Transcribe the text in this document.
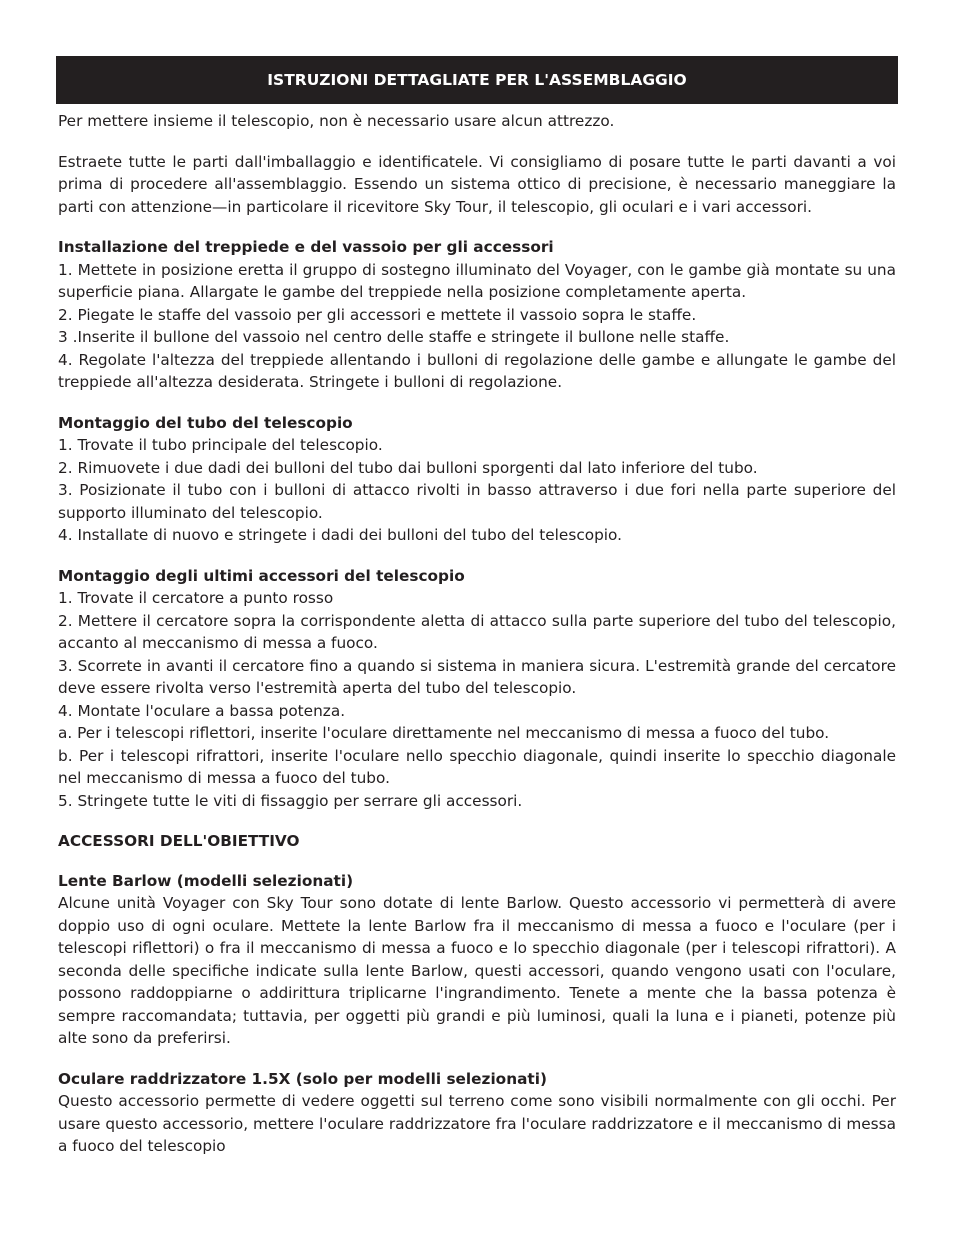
ISTRUZIONI DETTAGLIATE PER L'ASSEMBLAGGIO

Per mettere insieme il telescopio, non è necessario usare alcun attrezzo.

Estraete tutte le parti dall'imballaggio e identificatele. Vi consigliamo di posare tutte le parti davanti a voi prima di procedere all'assemblaggio. Essendo un sistema ottico di precisione, è necessario maneggiare la parti con attenzione—in particolare il ricevitore Sky Tour, il telescopio, gli oculari e i vari accessori.

Installazione del treppiede e del vassoio per gli accessori

1. Mettete in posizione eretta il gruppo di sostegno illuminato del Voyager, con le gambe già montate su una superficie piana. Allargate le gambe del treppiede nella posizione completamente aperta.

2. Piegate le staffe del vassoio per gli accessori e mettete il vassoio sopra le staffe.

3 .Inserite il bullone del vassoio nel centro delle staffe e stringete il bullone nelle staffe.

4. Regolate l'altezza del treppiede allentando i bulloni di regolazione delle gambe e allungate le gambe del treppiede all'altezza desiderata. Stringete i bulloni di regolazione.

Montaggio del tubo del telescopio

1. Trovate il tubo principale del telescopio.

2. Rimuovete i due dadi dei bulloni del tubo dai bulloni sporgenti dal lato inferiore del tubo.

3. Posizionate il tubo con i bulloni di attacco rivolti in basso attraverso i due fori nella parte superiore del supporto illuminato del telescopio.

4. Installate di nuovo e stringete i dadi dei bulloni del tubo del telescopio.

Montaggio degli ultimi accessori del telescopio

1. Trovate il cercatore a punto rosso

2. Mettere il cercatore sopra la corrispondente aletta di attacco sulla parte superiore del tubo del telescopio, accanto al meccanismo di messa a fuoco.

3. Scorrete in avanti il cercatore fino a quando si sistema in maniera sicura. L'estremità grande del cercatore deve essere rivolta verso l'estremità aperta del tubo del telescopio.

4. Montate l'oculare a bassa potenza.

a. Per i telescopi riflettori, inserite l'oculare direttamente nel meccanismo di messa a fuoco del tubo.

b. Per i telescopi rifrattori, inserite l'oculare nello specchio diagonale, quindi inserite lo specchio diagonale nel meccanismo di messa a fuoco del tubo.

5. Stringete tutte le viti di fissaggio per serrare gli accessori.

ACCESSORI DELL'OBIETTIVO

Lente Barlow (modelli selezionati)

Alcune unità Voyager con Sky Tour sono dotate di lente Barlow. Questo accessorio vi permetterà di avere doppio uso di ogni oculare. Mettete la lente Barlow fra il meccanismo di messa a fuoco e l'oculare (per i telescopi riflettori) o fra il meccanismo di messa a fuoco e lo specchio diagonale (per i telescopi rifrattori). A seconda delle specifiche indicate sulla lente Barlow, questi accessori, quando vengono usati con l'oculare, possono raddoppiarne o addirittura triplicarne l'ingrandimento. Tenete a mente che la bassa potenza è sempre raccomandata; tuttavia, per oggetti più grandi e più luminosi, quali la luna e i pianeti, potenze più alte sono da preferirsi.

Oculare raddrizzatore 1.5X (solo per modelli selezionati)

Questo accessorio permette di vedere oggetti sul terreno come sono visibili normalmente con gli occhi. Per usare questo accessorio, mettere l'oculare raddrizzatore fra l'oculare raddrizzatore e il meccanismo di messa a fuoco del telescopio
